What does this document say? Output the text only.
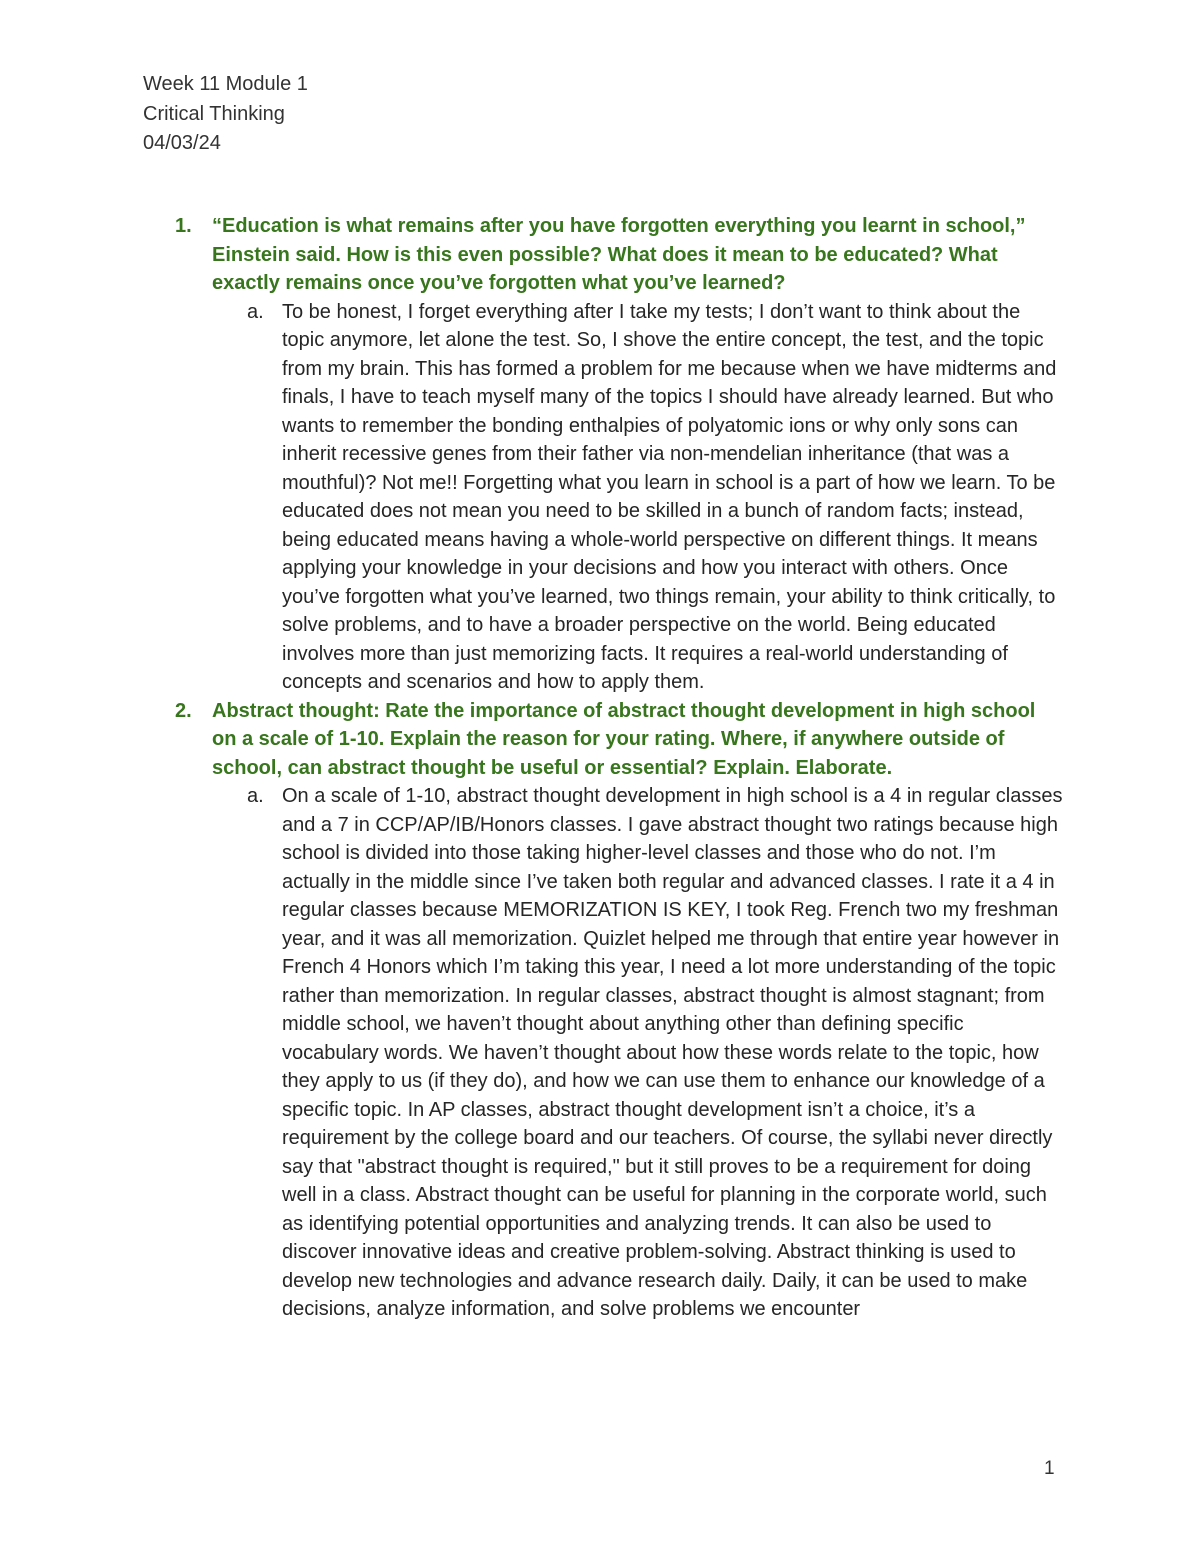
Week 11 Module 1
Critical Thinking
04/03/24
1. “Education is what remains after you have forgotten everything you learnt in school,” Einstein said. How is this even possible? What does it mean to be educated? What exactly remains once you’ve forgotten what you’ve learned?
a. To be honest, I forget everything after I take my tests; I don’t want to think about the topic anymore, let alone the test. So, I shove the entire concept, the test, and the topic from my brain. This has formed a problem for me because when we have midterms and finals, I have to teach myself many of the topics I should have already learned. But who wants to remember the bonding enthalpies of polyatomic ions or why only sons can inherit recessive genes from their father via non-mendelian inheritance (that was a mouthful)? Not me!! Forgetting what you learn in school is a part of how we learn. To be educated does not mean you need to be skilled in a bunch of random facts; instead, being educated means having a whole-world perspective on different things. It means applying your knowledge in your decisions and how you interact with others. Once you’ve forgotten what you’ve learned, two things remain, your ability to think critically, to solve problems, and to have a broader perspective on the world. Being educated involves more than just memorizing facts. It requires a real-world understanding of concepts and scenarios and how to apply them.
2. Abstract thought: Rate the importance of abstract thought development in high school on a scale of 1-10. Explain the reason for your rating. Where, if anywhere outside of school, can abstract thought be useful or essential? Explain. Elaborate.
a. On a scale of 1-10, abstract thought development in high school is a 4 in regular classes and a 7 in CCP/AP/IB/Honors classes. I gave abstract thought two ratings because high school is divided into those taking higher-level classes and those who do not. I’m actually in the middle since I’ve taken both regular and advanced classes. I rate it a 4 in regular classes because MEMORIZATION IS KEY, I took Reg. French two my freshman year, and it was all memorization. Quizlet helped me through that entire year however in French 4 Honors which I’m taking this year, I need a lot more understanding of the topic rather than memorization. In regular classes, abstract thought is almost stagnant; from middle school, we haven’t thought about anything other than defining specific vocabulary words. We haven’t thought about how these words relate to the topic, how they apply to us (if they do), and how we can use them to enhance our knowledge of a specific topic. In AP classes, abstract thought development isn’t a choice, it’s a requirement by the college board and our teachers. Of course, the syllabi never directly say that "abstract thought is required," but it still proves to be a requirement for doing well in a class. Abstract thought can be useful for planning in the corporate world, such as identifying potential opportunities and analyzing trends. It can also be used to discover innovative ideas and creative problem-solving. Abstract thinking is used to develop new technologies and advance research daily. Daily, it can be used to make decisions, analyze information, and solve problems we encounter
1
